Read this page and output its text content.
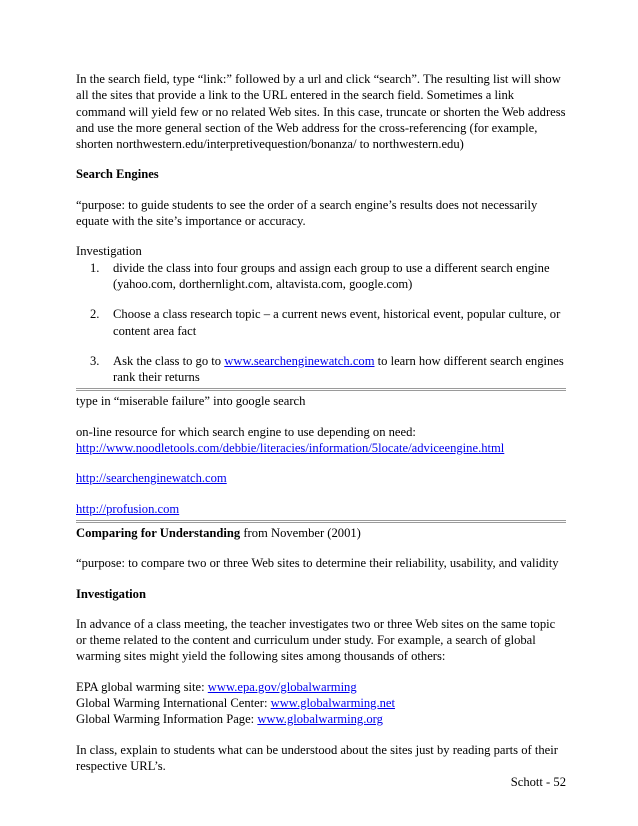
In the search field, type “link:” followed by a url and click “search”. The resulting list will show all the sites that provide a link to the URL entered in the search field. Sometimes a link command will yield few or no related Web sites. In this case, truncate or shorten the Web address and use the more general section of the Web address for the cross-referencing (for example, shorten northwestern.edu/interpretivequestion/bonanza/ to northwestern.edu)

Search Engines

“purpose: to guide students to see the order of a search engine’s results does not necessarily equate with the site’s importance or accuracy.

Investigation

1. divide the class into four groups and assign each group to use a different search engine (yahoo.com, dorthernlight.com, altavista.com, google.com)
2. Choose a class research topic – a current news event, historical event, popular culture, or content area fact
3. Ask the class to go to www.searchenginewatch.com to learn how different search engines rank their returns

type in “miserable failure” into google search

on-line resource for which search engine to use depending on need:

http://www.noodletools.com/debbie/literacies/information/5locate/adviceengine.html

http://searchenginewatch.com

http://profusion.com

Comparing for Understanding from November (2001)

“purpose: to compare two or three Web sites to determine their reliability, usability, and validity

Investigation

In advance of a class meeting, the teacher investigates two or three Web sites on the same topic or theme related to the content and curriculum under study. For example, a search of global warming sites might yield the following sites among thousands of others:

EPA global warming site: www.epa.gov/globalwarming

Global Warming International Center: www.globalwarming.net

Global Warming Information Page: www.globalwarming.org

In class, explain to students what can be understood about the sites just by reading parts of their respective URL’s.

Schott - 52
